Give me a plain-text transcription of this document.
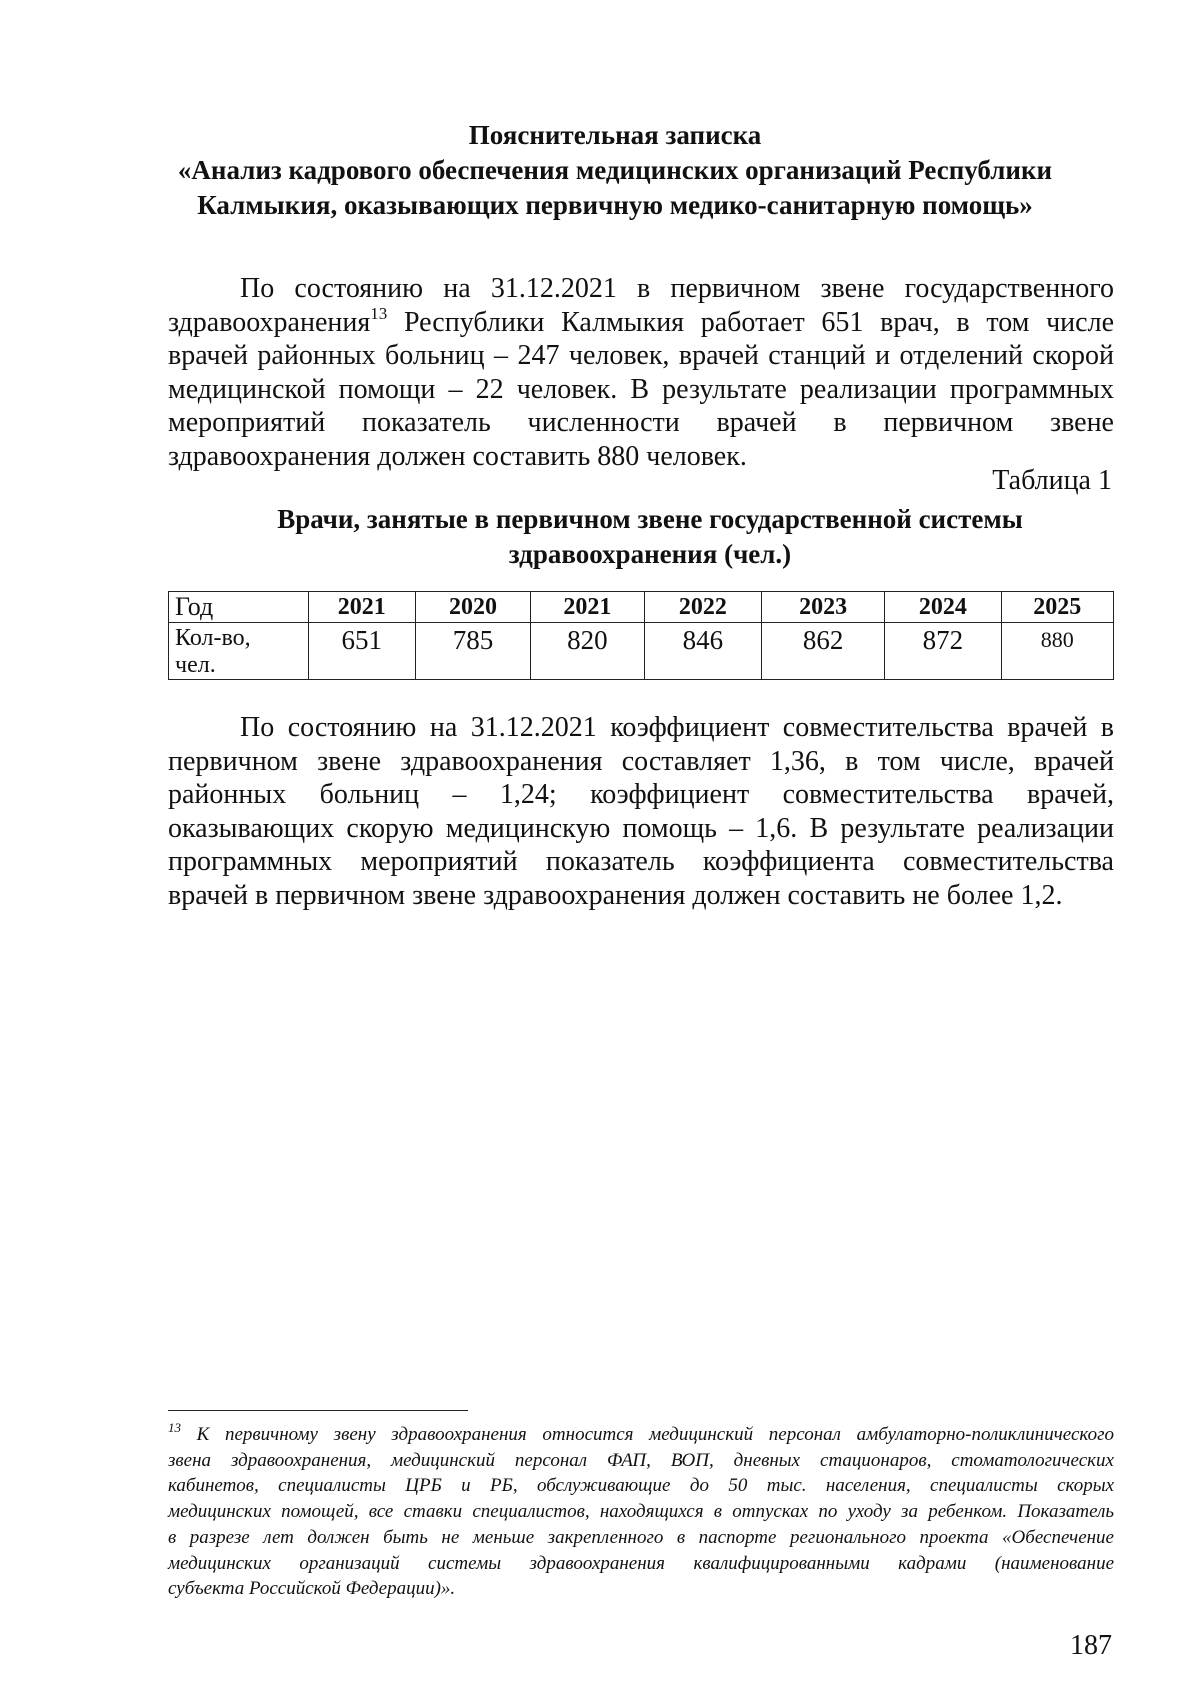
Пояснительная записка
«Анализ кадрового обеспечения медицинских организаций Республики
Калмыкия, оказывающих первичную медико-санитарную помощь»
По состоянию на 31.12.2021 в первичном звене государственного
здравоохранения$^{13}$ Республики Калмыкия работает 651 врач, в том числе
врачей районных больниц – 247 человек, врачей станций и отделений скорой
медицинской помощи – 22 человек. В результате реализации программных
мероприятий показатель численности врачей в первичном звене
здравоохранения должен составить 880 человек.
Таблица 1
Врачи, занятые в первичном звене государственной системы
здравоохранения (чел.)
Год	2021	2020	2021	2022	2023	2024	2025

Кол-во,
чел.	651	785	820	846	862	872	880
По состоянию на 31.12.2021 коэффициент совместительства врачей в
первичном звене здравоохранения составляет 1,36, в том числе, врачей
районных больниц – 1,24; коэффициент совместительства врачей,
оказывающих скорую медицинскую помощь – 1,6. В результате реализации
программных мероприятий показатель коэффициента совместительства
врачей в первичном звене здравоохранения должен составить не более 1,2.
$^{13}$ К первичному звену здравоохранения относится медицинский персонал амбулаторно-поликлинического
звена здравоохранения, медицинский персонал ФАП, ВОП, дневных стационаров, стоматологических
кабинетов, специалисты ЦРБ и РБ, обслуживающие до 50 тыс. населения, специалисты скорых
медицинских помощей, все ставки специалистов, находящихся в отпусках по уходу за ребенком. Показатель
в разрезе лет должен быть не меньше закрепленного в паспорте регионального проекта «Обеспечение
медицинских организаций системы здравоохранения квалифицированными кадрами (наименование
субъекта Российской Федерации)».
187
